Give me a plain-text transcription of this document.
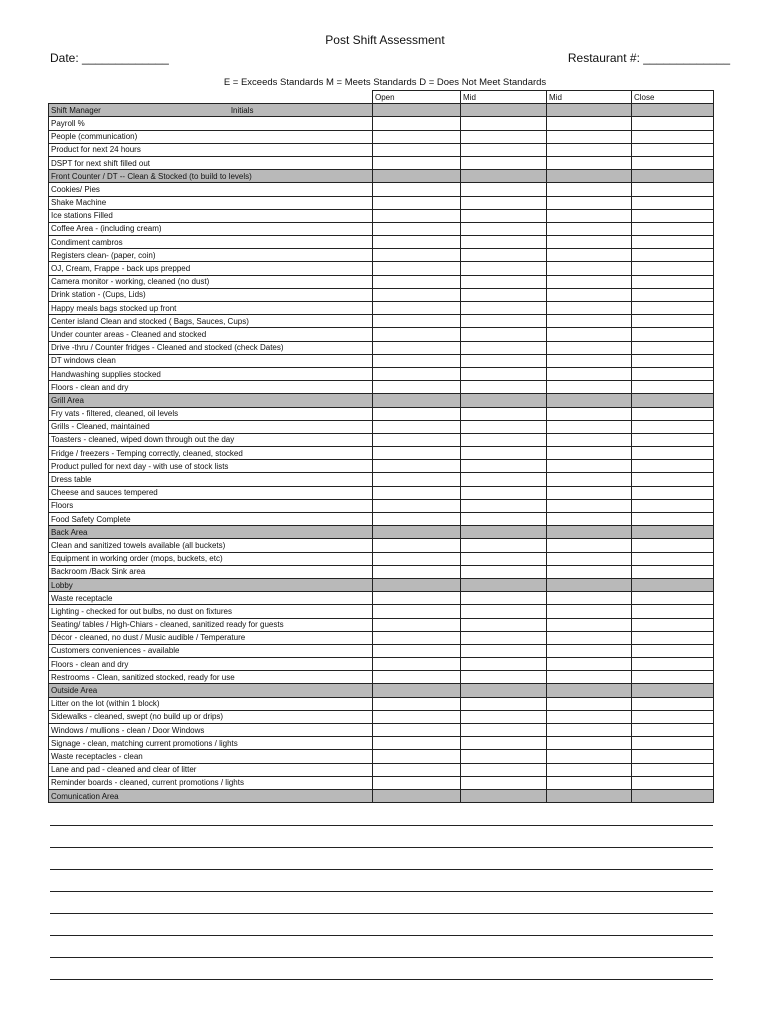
Post Shift Assessment
Date: _____________	Restaurant #: _____________
E = Exceeds Standards M = Meets Standards D = Does Not Meet Standards
	Open	Mid	Mid	Close
Shift Manager Initials				
Payroll %				
People (communication)				
Product for next 24 hours				
DSPT for next shift filled out				
Front Counter / DT -- Clean & Stocked (to build to levels)				
Cookies/ Pies				
Shake Machine				
Ice stations Filled				
Coffee Area - (including cream)				
Condiment cambros				
Registers clean- (paper, coin)				
OJ, Cream, Frappe - back ups prepped				
Camera monitor - working, cleaned (no dust)				
Drink station - (Cups, Lids)				
Happy meals bags stocked up front				
Center island Clean and stocked ( Bags, Sauces, Cups)				
Under counter areas - Cleaned and stocked				
Drive -thru / Counter fridges - Cleaned and stocked (check Dates)				
DT windows clean				
Handwashing supplies stocked				
Floors - clean and dry				
Grill Area				
Fry vats - filtered, cleaned, oil levels				
Grills - Cleaned, maintained				
Toasters - cleaned, wiped down through out the day				
Fridge / freezers - Temping correctly, cleaned, stocked				
Product pulled for next day - with use of stock lists				
Dress table				
Cheese and sauces tempered				
Floors				
Food Safety Complete				
Back Area				
Clean and sanitized towels available (all buckets)				
Equipment in working order (mops, buckets, etc)				
Backroom /Back Sink area				
Lobby				
Waste receptacle				
Lighting - checked for out bulbs, no dust on fixtures				
Seating/ tables / High-Chiars - cleaned, sanitized ready for guests				
Décor - cleaned, no dust / Music audible / Temperature				
Customers conveniences - available				
Floors - clean and dry				
Restrooms - Clean, sanitized stocked, ready for use				
Outside Area				
Litter on the lot (within 1 block)				
Sidewalks - cleaned, swept (no build up or drips)				
Windows / mullions - clean / Door Windows				
Signage - clean, matching current promotions / lights				
Waste receptacles - clean				
Lane and pad - cleaned and clear of litter				
Reminder boards - cleaned, current promotions / lights				
Comunication Area				
